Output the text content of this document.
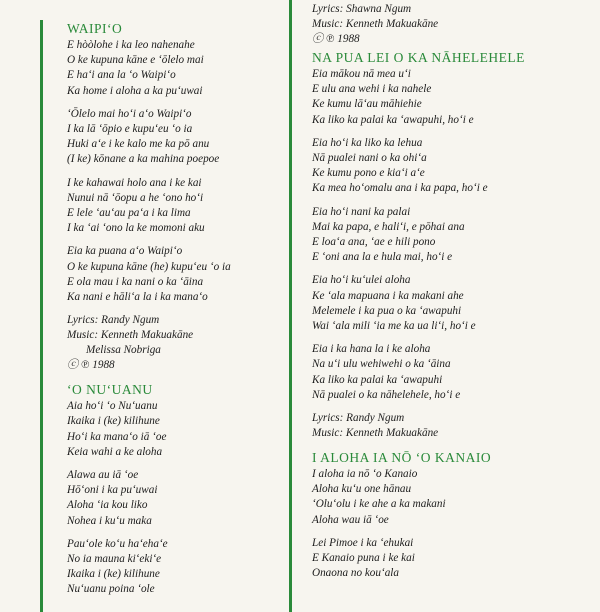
WAIPI‘O
E hòòlohe i ka leo nahenahe
O ke kupuna kāne e ‘ōlelo mai
E ha‘i ana la ‘o Waipi‘o
Ka home i aloha a ka pu‘uwai
‘Ōlelo mai ho‘i a‘o Waipi‘o
I ka lā ‘ōpio e kupu‘eu ‘o ia
Huki a‘e i ke kalo me ka pō anu
(I ke) kōnane a ka mahina poepoe
I ke kahawai holo ana i ke kai
Nunui nā ‘ōopu a he ‘ono ho‘i
E lele ‘au‘au pa‘a i ka lima
I ka ‘ai ‘ono la ke momoni aku
Eia ka puana a‘o Waipi‘o
O ke kupuna kāne (he) kupu‘eu ‘o ia
E ola mau i ka nani o ka ‘āina
Ka nani e hāli‘a la i ka mana‘o
Lyrics: Randy Ngum
Music: Kenneth Makuakāne
Melissa Nobriga
ⓒ ℗ 1988
‘O NU‘UANU
Aia ho‘i ‘o Nu‘uanu
Ikaika i (ke) kilihune
Ho‘i ka mana‘o iā ‘oe
Keia wahi a ke aloha
Alawa au iā ‘oe
Hō‘oni i ka pu‘uwai
Aloha ‘ia kou liko
Nohea i ku‘u maka
Pau‘ole ko‘u ha‘eha‘e
No ia mauna ki‘eki‘e
Ikaika i (ke) kilihune
Nu‘uanu poina ‘ole
Lyrics: Shawna Ngum
Music: Kenneth Makuakāne
ⓒ ℗ 1988
NA PUA LEI O KA NĀHELEHELE
Eia mākou nā mea u‘i
E ulu ana wehi i ka nahele
Ke kumu lā‘au māhiehie
Ka liko ka palai ka ‘awapuhi, ho‘i e
Eia ho‘i ka liko ka lehua
Nā pualei nani o ka ohi‘a
Ke kumu pono e kia‘i a‘e
Ka mea ho‘omalu ana i ka papa, ho‘i e
Eia ho‘i nani ka palai
Mai ka papa, e hali‘i, e pōhai ana
E loa‘a ana, ‘ae e hili pono
E ‘oni ana la e hula mai, ho‘i e
Eia ho‘i ku‘ulei aloha
Ke ‘ala mapuana i ka makani ahe
Melemele i ka pua o ka ‘awapuhi
Wai ‘ala mili ‘ia me ka ua li‘i, ho‘i e
Eia i ka hana la i ke aloha
Na u‘i ulu wehiwehi o ka ‘āina
Ka liko ka palai ka ‘awapuhi
Nā pualei o ka nāhelehele, ho‘i e
Lyrics: Randy Ngum
Music: Kenneth Makuakāne
I ALOHA IA NŌ ‘O KANAIO
I aloha ia nō ‘o Kanaio
Aloha ku‘u one hānau
‘Olu‘olu i ke ahe a ka makani
Aloha wau iā ‘oe
Lei Pimoe i ka ‘ehukai
E Kanaio puna i ke kai
Onaona no kou‘ala
